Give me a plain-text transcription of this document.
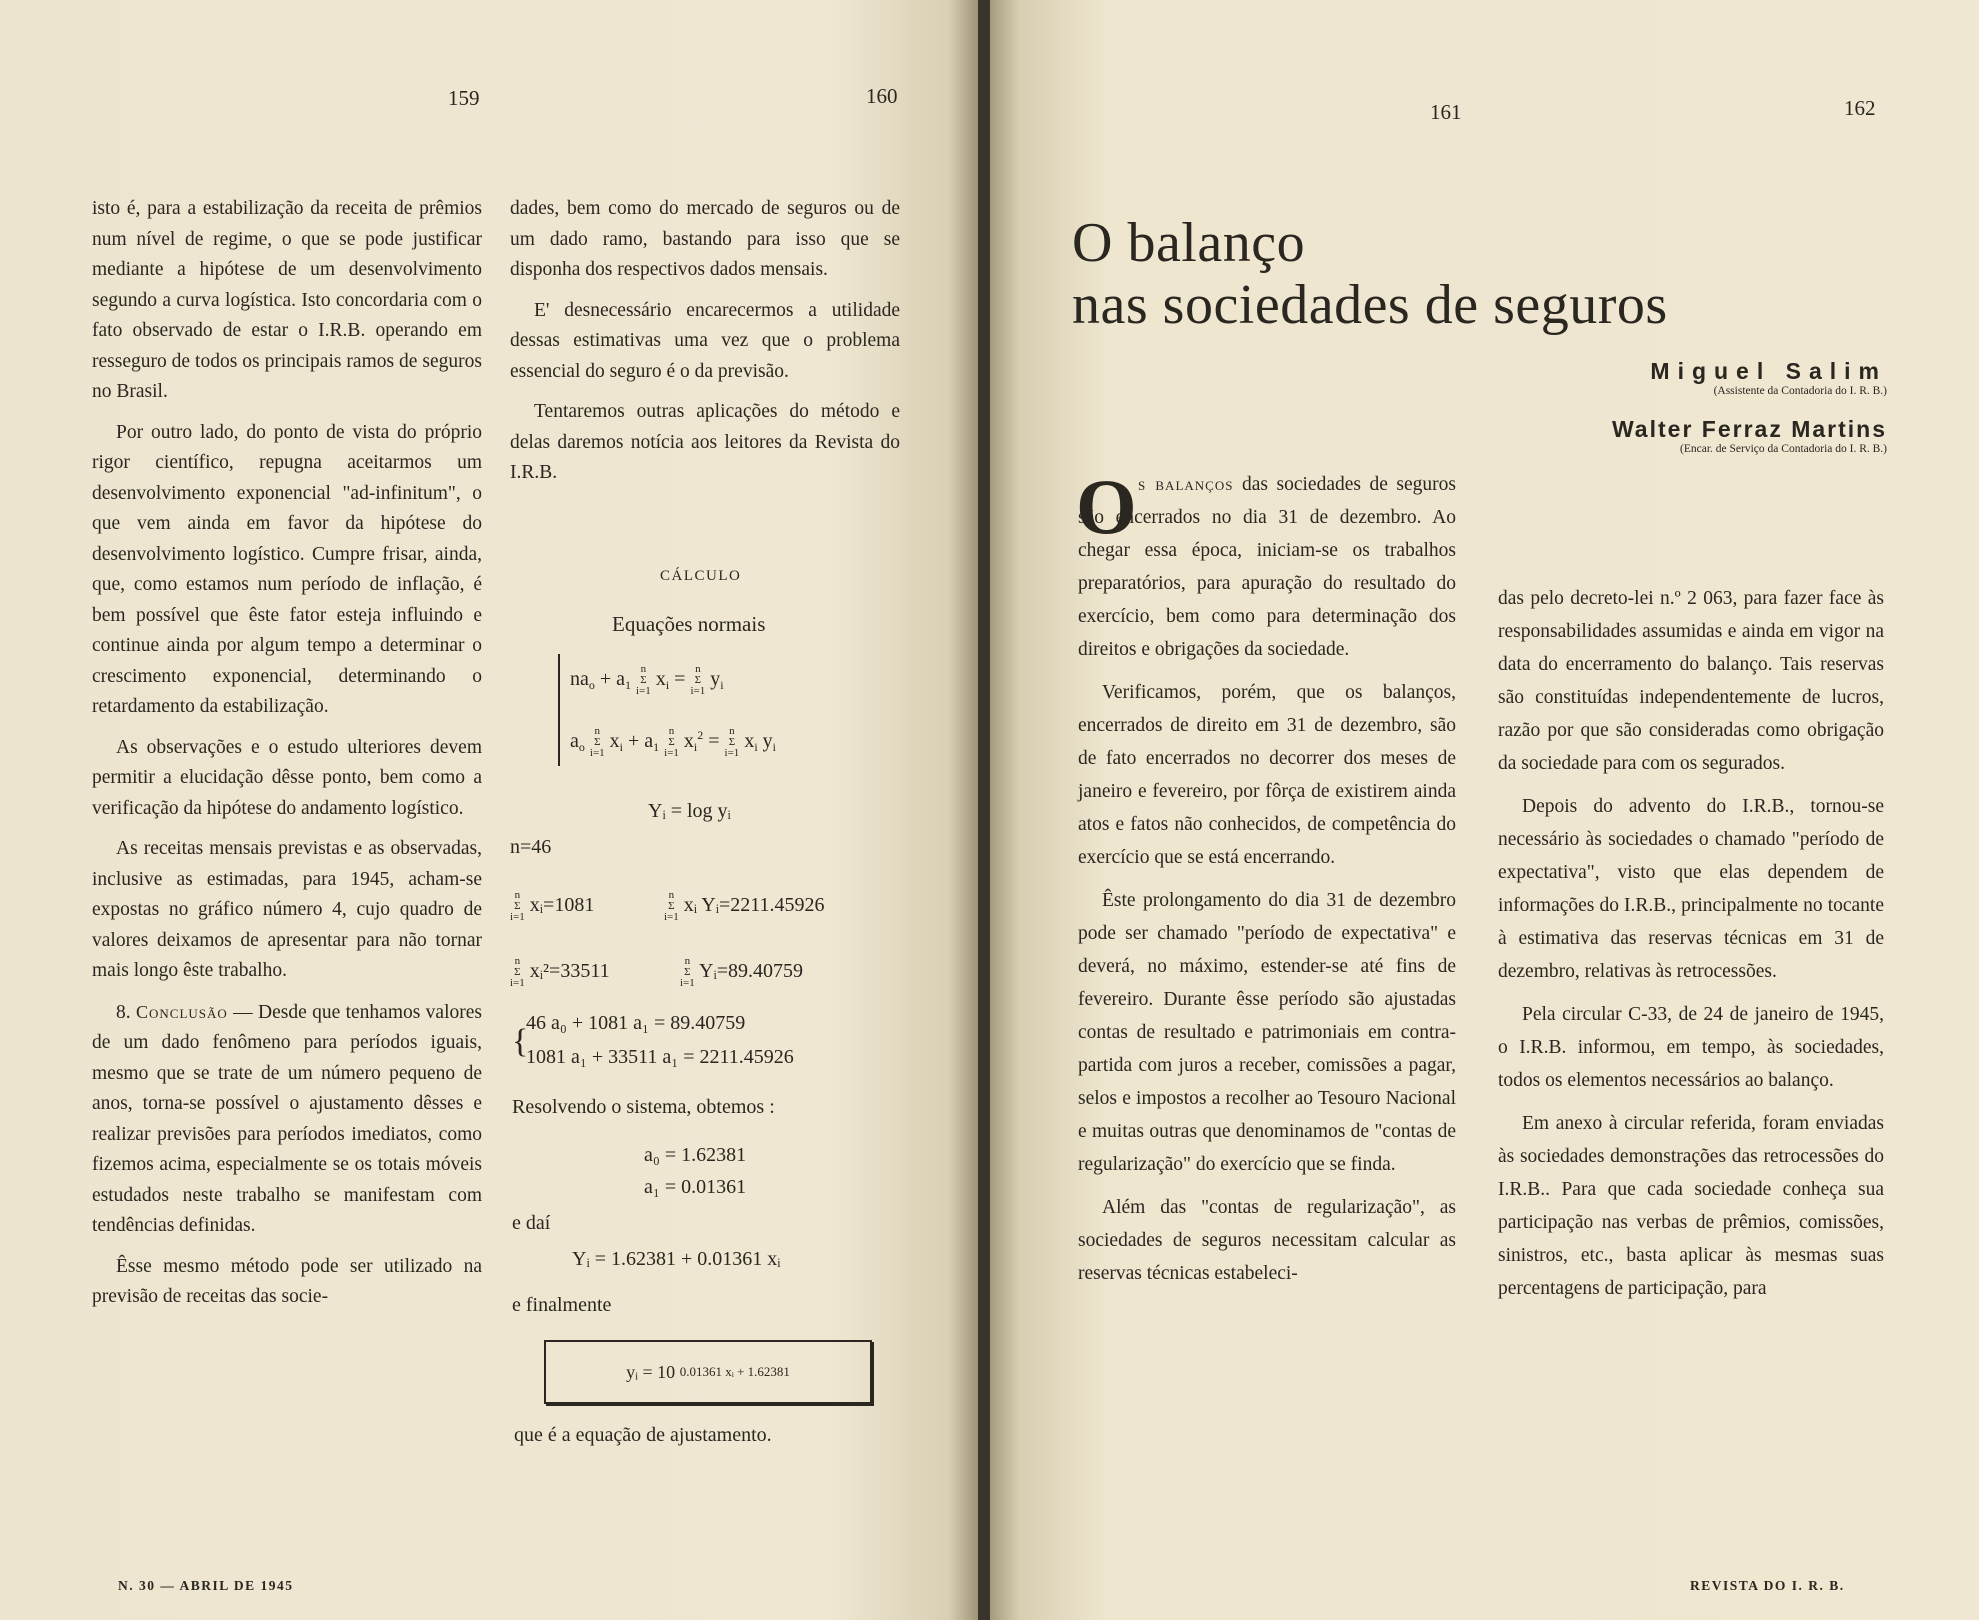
159	160

isto é, para a estabilização da receita de prêmios num nível de regime, o que se pode justificar mediante a hipótese de um desenvolvimento segundo a curva logística. Isto concordaria com o fato observado de estar o I.R.B. operando em resseguro de todos os principais ramos de seguros no Brasil.

Por outro lado, do ponto de vista do próprio rigor científico, repugna aceitarmos um desenvolvimento exponencial "ad-infinitum", o que vem ainda em favor da hipótese do desenvolvimento logístico. Cumpre frisar, ainda, que, como estamos num período de inflação, é bem possível que êste fator esteja influindo e continue ainda por algum tempo a determinar o crescimento exponencial, determinando o retardamento da estabilização.

As observações e o estudo ulteriores devem permitir a elucidação dêsse ponto, bem como a verificação da hipótese do andamento logístico.

As receitas mensais previstas e as observadas, inclusive as estimadas, para 1945, acham-se expostas no gráfico número 4, cujo quadro de valores deixamos de apresentar para não tornar mais longo êste trabalho.

8. Conclusão — Desde que tenhamos valores de um dado fenômeno para períodos iguais, mesmo que se trate de um número pequeno de anos, torna-se possível o ajustamento dêsses e realizar previsões para períodos imediatos, como fizemos acima, especialmente se os totais móveis estudados neste trabalho se manifestam com tendências definidas.

Êsse mesmo método pode ser utilizado na previsão de receitas das socie-

dades, bem como do mercado de seguros ou de um dado ramo, bastando para isso que se disponha dos respectivos dados mensais.

E' desnecessário encarecermos a utilidade dessas estimativas uma vez que o problema essencial do seguro é o da previsão.

Tentaremos outras aplicações do método e delas daremos notícia aos leitores da Revista do I.R.B.

CÁLCULO
Equações normais
$na_o + a_1$ n
Σ
i=1 $x_i = n$
Σ
i=1 $y_i$
$a_o$ n
Σ
i=1 $x_i + a_1$ n
Σ
i=1 $x_i^2 = n$
Σ
i=1 $x_i$ $y_i$
Yᵢ = log yᵢ
n=46
n
Σ
i=1 xᵢ=1081	n
Σ
i=1 xᵢ Yᵢ=2211.45926
n
Σ
i=1 xᵢ²=33511	n
Σ
i=1 Yᵢ=89.40759
{
46 a₀ + 1081 a₁ = 89.40759
1081 a₁ + 33511 a₁ = 2211.45926
Resolvendo o sistema, obtemos :
a₀ = 1.62381
a₁ = 0.01361
e daí
Yᵢ = 1.62381 + 0.01361 xᵢ
e finalmente
yᵢ = 10
0.01361 xᵢ + 1.62381
que é a equação de ajustamento.
N. 30 — ABRIL DE 1945
161	162
O balanço
nas sociedades de seguros
Miguel Salim
(Assistente da Contadoria do I. R. B.)
Walter Ferraz Martins
(Encar. de Serviço da Contadoria do I. R. B.)
O s balanços das sociedades de seguros são encerrados no dia 31 de dezembro. Ao chegar essa época, iniciam-se os trabalhos preparatórios, para apuração do resultado do exercício, bem como para determinação dos direitos e obrigações da sociedade.

Verificamos, porém, que os balanços, encerrados de direito em 31 de dezembro, são de fato encerrados no decorrer dos meses de janeiro e fevereiro, por fôrça de existirem ainda atos e fatos não conhecidos, de competência do exercício que se está encerrando.

Êste prolongamento do dia 31 de dezembro pode ser chamado "período de expectativa" e deverá, no máximo, estender-se até fins de fevereiro. Durante êsse período são ajustadas contas de resultado e patrimoniais em contra-partida com juros a receber, comissões a pagar, selos e impostos a recolher ao Tesouro Nacional e muitas outras que denominamos de "contas de regularização" do exercício que se finda.

Além das "contas de regularização", as sociedades de seguros necessitam calcular as reservas técnicas estabeleci-

das pelo decreto-lei n.º 2 063, para fazer face às responsabilidades assumidas e ainda em vigor na data do encerramento do balanço. Tais reservas são constituídas independentemente de lucros, razão por que são consideradas como obrigação da sociedade para com os segurados.

Depois do advento do I.R.B., tornou-se necessário às sociedades o chamado "período de expectativa", visto que elas dependem de informações do I.R.B., principalmente no tocante à estimativa das reservas técnicas em 31 de dezembro, relativas às retrocessões.

Pela circular C-33, de 24 de janeiro de 1945, o I.R.B. informou, em tempo, às sociedades, todos os elementos necessários ao balanço.

Em anexo à circular referida, foram enviadas às sociedades demonstrações das retrocessões do I.R.B.. Para que cada sociedade conheça sua participação nas verbas de prêmios, comissões, sinistros, etc., basta aplicar às mesmas suas percentagens de participação, para

REVISTA DO I. R. B.
